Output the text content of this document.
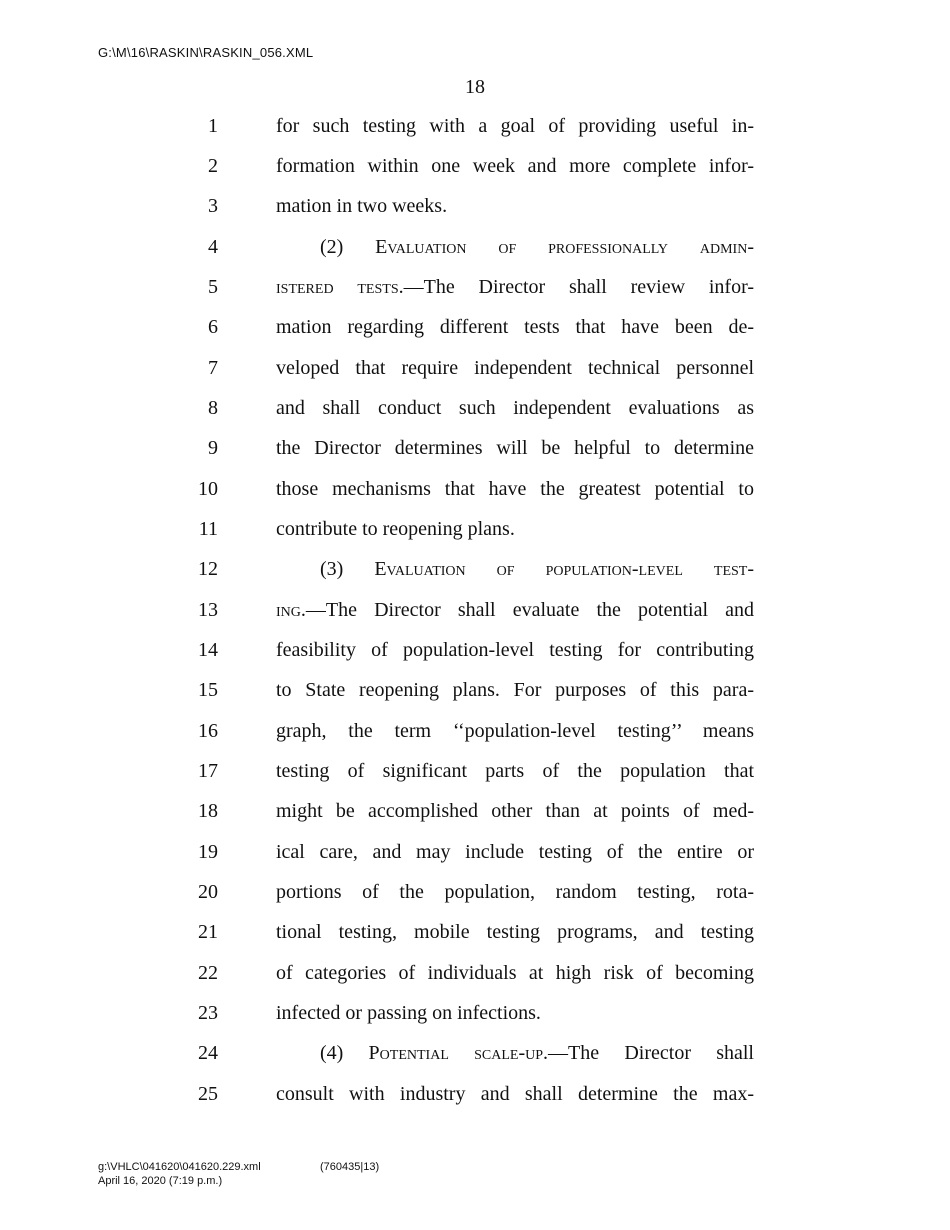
G:\M\16\RASKIN\RASKIN_056.XML
18
1	for such testing with a goal of providing useful in-
2	formation within one week and more complete infor-
3	mation in two weeks.
4	(2) Evaluation of professionally admin-
5	istered tests.—The Director shall review infor-
6	mation regarding different tests that have been de-
7	veloped that require independent technical personnel
8	and shall conduct such independent evaluations as
9	the Director determines will be helpful to determine
10	those mechanisms that have the greatest potential to
11	contribute to reopening plans.
12	(3) Evaluation of population-level test-
13	ing.—The Director shall evaluate the potential and
14	feasibility of population-level testing for contributing
15	to State reopening plans. For purposes of this para-
16	graph, the term ‘‘population-level testing’’ means
17	testing of significant parts of the population that
18	might be accomplished other than at points of med-
19	ical care, and may include testing of the entire or
20	portions of the population, random testing, rota-
21	tional testing, mobile testing programs, and testing
22	of categories of individuals at high risk of becoming
23	infected or passing on infections.
24	(4) Potential scale-up.—The Director shall
25	consult with industry and shall determine the max-
g:\VHLC\041620\041620.229.xml	(760435|13)
April 16, 2020 (7:19 p.m.)
